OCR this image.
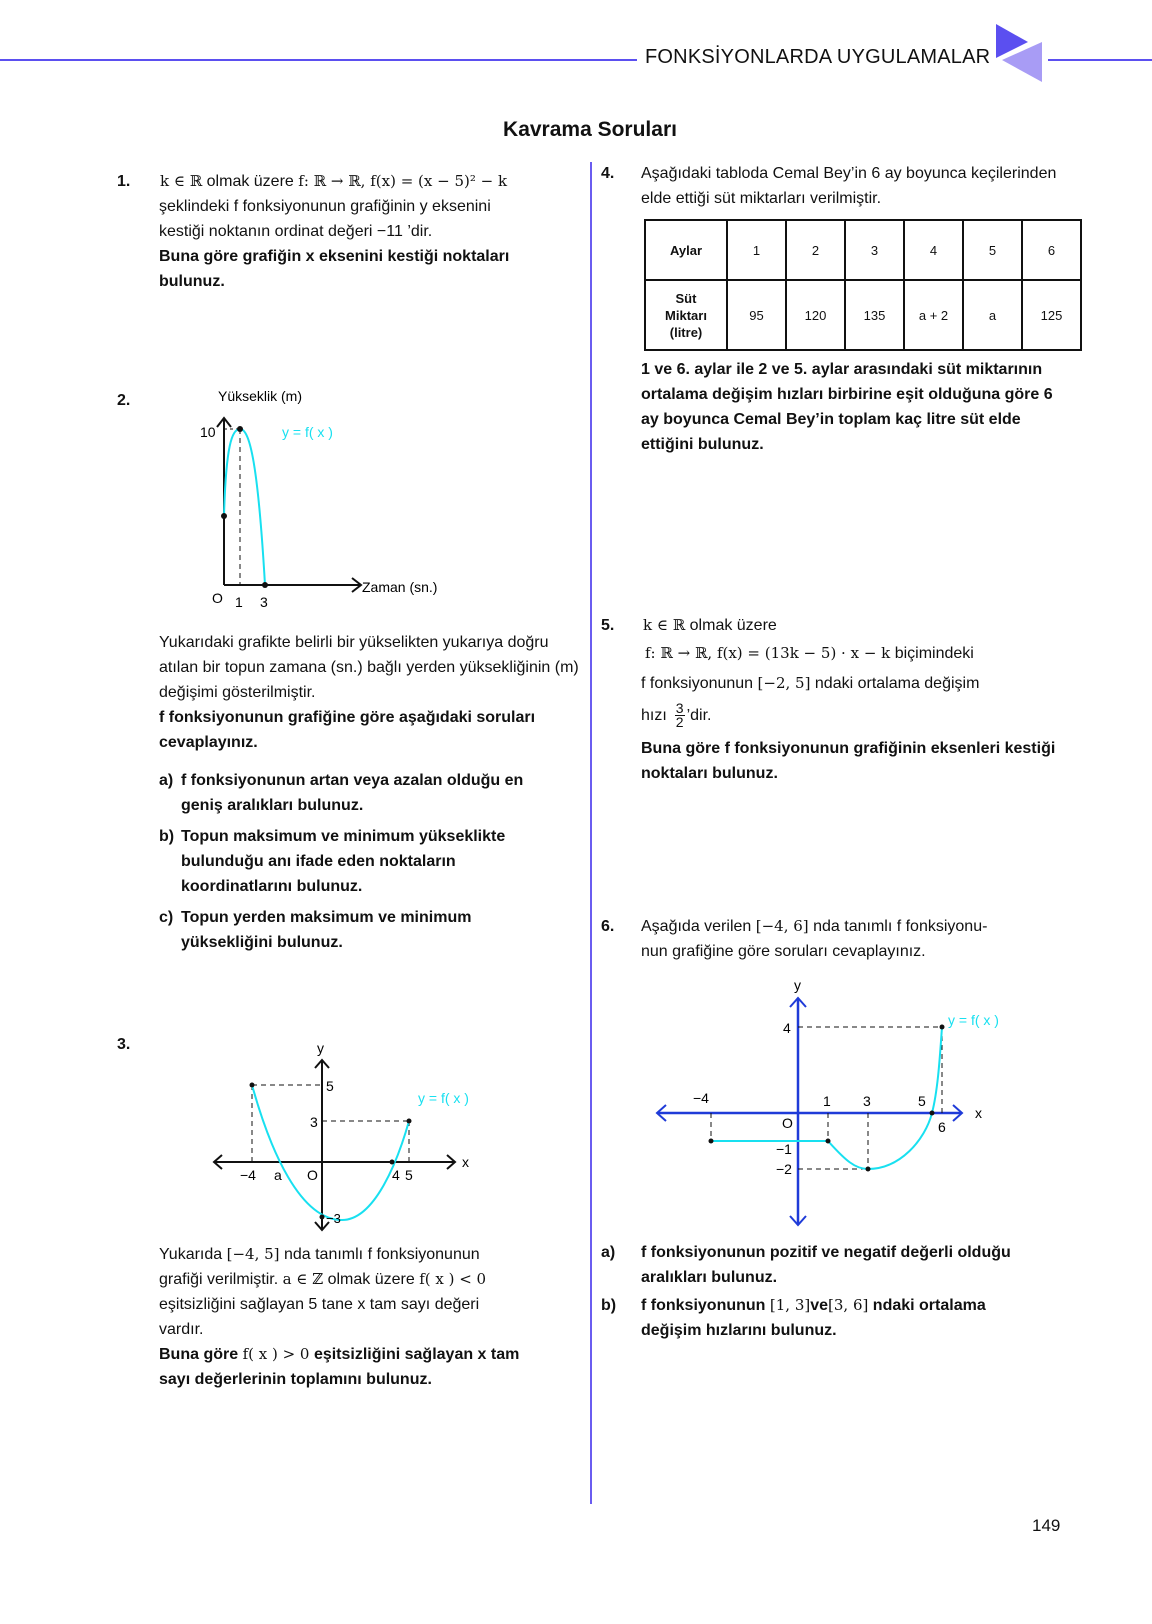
FONKSİYONLARDA UYGULAMALAR
Kavrama Soruları
1. k ∈ ℝ olmak üzere f: ℝ → ℝ, f(x) = (x − 5)² − k
şeklindeki f fonksiyonunun grafiğinin y eksenini
kestiği noktanın ordinat değeri −11 ’dir.
Buna göre grafiğin x eksenini kestiği noktaları bulunuz.
2.	Yükseklik (m)
Zaman (sn.)
10	y = f( x )
O 1 3
Yukarıdaki grafikte belirli bir yükselikten yukarıya doğru atılan bir topun zamana (sn.) bağlı yerden yüksekliğinin (m) değişimi gösterilmiştir.
f fonksiyonunun grafiğine göre aşağıdaki soruları cevaplayınız.
a) f fonksiyonunun artan veya azalan olduğu en geniş aralıkları bulunuz.
b) Topun maksimum ve minimum yükseklikte bulunduğu anı ifade eden noktaların koordinatlarını bulunuz.
c) Topun yerden maksimum ve minimum yüksekliğini bulunuz.
3.	y
x
5
3
−3
−4 a O	4 5
y = f( x )
Yukarıda [−4, 5] nda tanımlı f fonksiyonunun
grafiği verilmiştir. a ∈ ℤ olmak üzere f( x ) < 0
eşitsizliğini sağlayan 5 tane x tam sayı değeri
vardır.
Buna göre f( x ) > 0 eşitsizliğini sağlayan x tam
sayı değerlerinin toplamını bulunuz.
4. Aşağıdaki tabloda Cemal Bey’in 6 ay boyunca keçilerinden elde ettiği süt miktarları verilmiştir.
Aylar	1	2	3	4	5	6

Süt
Miktarı
(litre)	95	120	135	a + 2	a	125
1 ve 6. aylar ile 2 ve 5. aylar arasındaki süt miktarının ortalama değişim hızları birbirine eşit olduğuna göre 6 ay boyunca Cemal Bey’in toplam kaç litre süt elde ettiğini bulunuz.
5. k ∈ ℝ olmak üzere
f: ℝ → ℝ, f(x) = (13k − 5) · x − k biçimindeki
f fonksiyonunun [−2, 5] ndaki ortalama değişim
hızı $\frac{3}{2}$ ’dir.
Buna göre f fonksiyonunun grafiğinin eksenleri kestiği noktaları bulunuz.
6. Aşağıda verilen [−4, 6] nda tanımlı f fonksiyonu-
nun grafiğine göre soruları cevaplayınız.
y
x
4
−4	1 3	5
6
O
−1
−2
y = f( x )
a)	f fonksiyonunun pozitif ve negatif değerli olduğu aralıkları bulunuz.
b)	f fonksiyonunun [1, 3]ve[3, 6] ndaki ortalama
değişim hızlarını bulunuz.
149
